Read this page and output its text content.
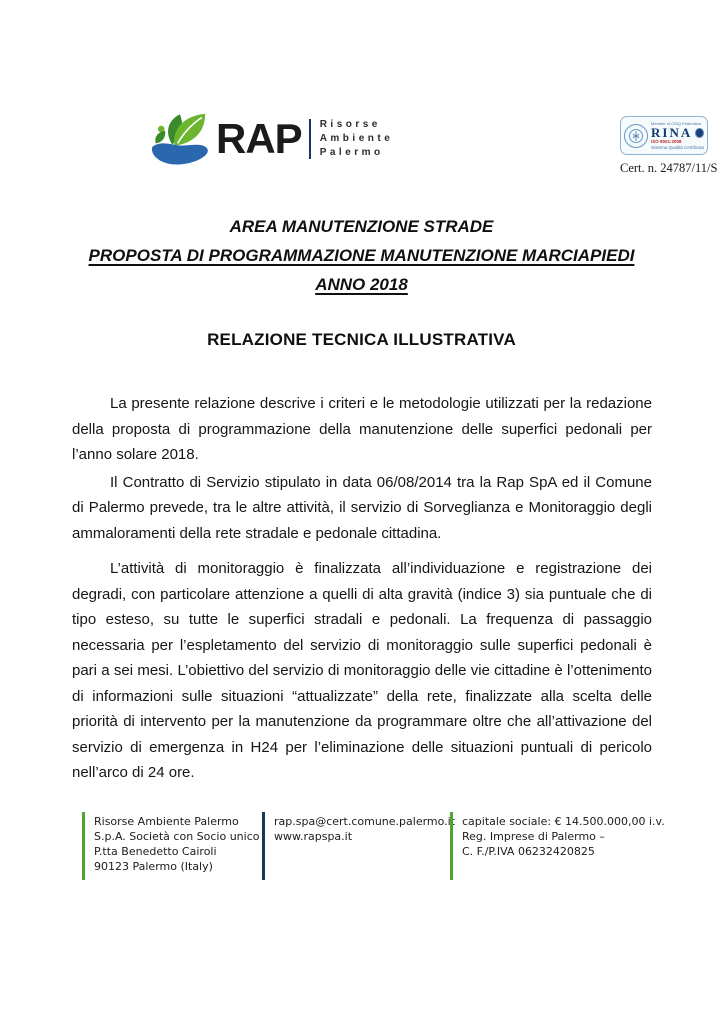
RAP Risorse
Ambiente
Palermo
Member of CISQ Federation
RINA
ISO 9001:2008
Sistema Qualità Certificato
Cert. n. 24787/11/S
AREA MANUTENZIONE STRADE
PROPOSTA DI PROGRAMMAZIONE MANUTENZIONE MARCIAPIEDI
ANNO 2018
RELAZIONE TECNICA ILLUSTRATIVA

La presente relazione descrive i criteri e le metodologie utilizzati per la redazione della proposta di programmazione della manutenzione delle superfici pedonali per l’anno solare 2018.

Il Contratto di Servizio stipulato in data 06/08/2014 tra la Rap SpA ed il Comune di Palermo prevede, tra le altre attività, il servizio di Sorveglianza e Monitoraggio degli ammaloramenti della rete stradale e pedonale cittadina.

L’attività di monitoraggio è finalizzata all’individuazione e registrazione dei degradi, con particolare attenzione a quelli di alta gravità (indice 3) sia puntuale che di tipo esteso, su tutte le superfici stradali e pedonali. La frequenza di passaggio necessaria per l’espletamento del servizio di monitoraggio sulle superfici pedonali è pari a sei mesi. L’obiettivo del servizio di monitoraggio delle vie cittadine è l’ottenimento di informazioni sulle situazioni “attualizzate” della rete, finalizzate alla scelta delle priorità di intervento per la manutenzione da programmare oltre che all’attivazione del servizio di emergenza in H24 per l’eliminazione delle situazioni puntuali di pericolo nell’arco di 24 ore.

Risorse Ambiente Palermo
S.p.A. Società con Socio unico
P.tta Benedetto Cairoli
90123 Palermo (Italy)
rap.spa@cert.comune.palermo.it
www.rapspa.it
capitale sociale: € 14.500.000,00 i.v.
Reg. Imprese di Palermo –
C. F./P.IVA 06232420825
